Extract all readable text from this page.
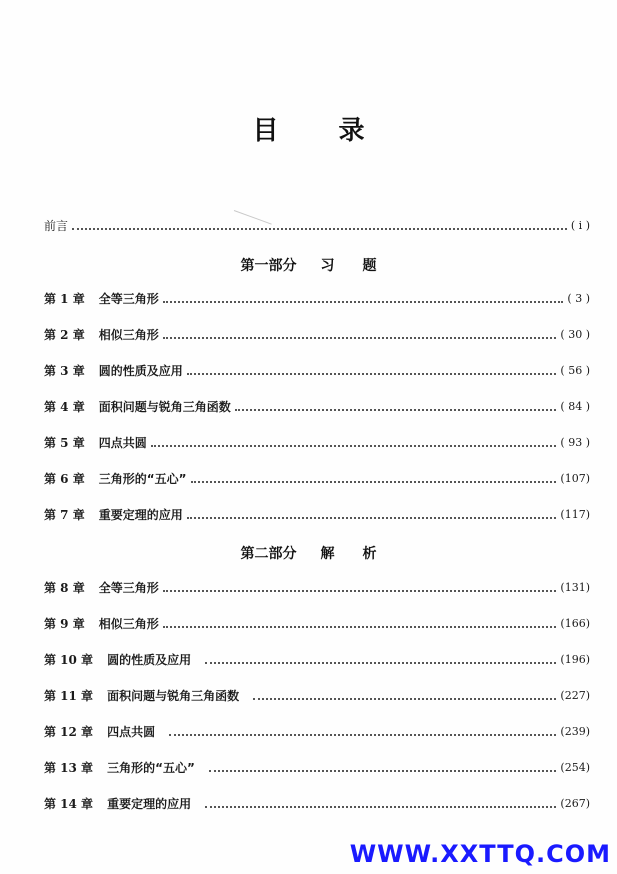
目 录
前言	( ⅰ )
第一部分 习 题
第 1 章 全等三角形	( 3 )
第 2 章 相似三角形	( 30 )
第 3 章 圆的性质及应用	( 56 )
第 4 章 面积问题与锐角三角函数	( 84 )
第 5 章 四点共圆	( 93 )
第 6 章 三角形的“五心”	(107)
第 7 章 重要定理的应用	(117)
第二部分 解 析
第 8 章 全等三角形	(131)
第 9 章 相似三角形	(166)
第 10 章 圆的性质及应用	(196)
第 11 章 面积问题与锐角三角函数	(227)
第 12 章 四点共圆	(239)
第 13 章 三角形的“五心”	(254)
第 14 章 重要定理的应用	(267)
WWW.XXTTQ.COM
